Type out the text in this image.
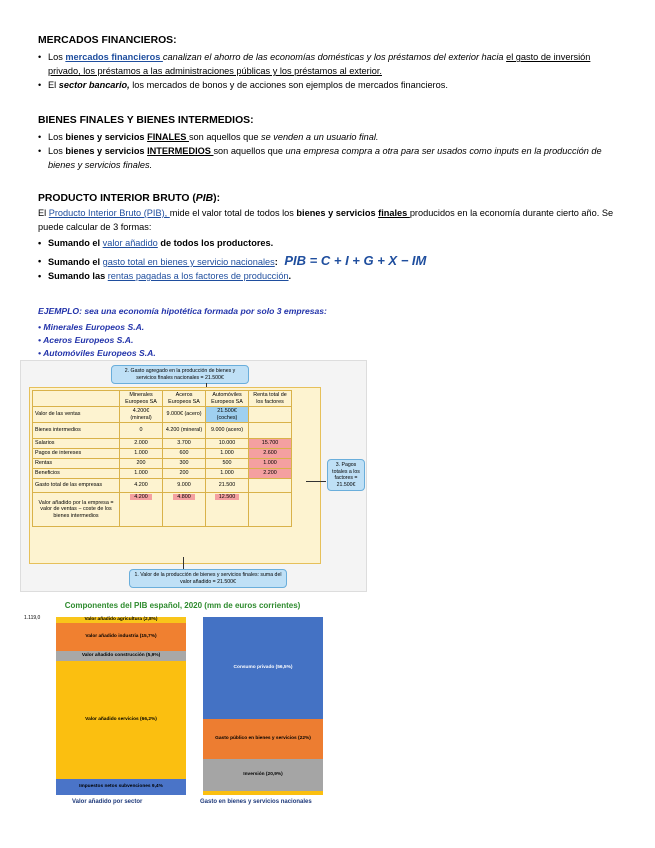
MERCADOS FINANCIEROS:
• Los mercados financieros canalizan el ahorro de las economías domésticas y los préstamos del exterior hacia el gasto de inversión privado, los préstamos a las administraciones públicas y los préstamos al exterior.
• El sector bancario, los mercados de bonos y de acciones son ejemplos de mercados financieros.
BIENES FINALES Y BIENES INTERMEDIOS:
• Los bienes y servicios FINALES son aquellos que se venden a un usuario final.
• Los bienes y servicios INTERMEDIOS son aquellos que una empresa compra a otra para ser usados como inputs en la producción de bienes y servicios finales.
PRODUCTO INTERIOR BRUTO (PIB):
El Producto Interior Bruto (PIB), mide el valor total de todos los bienes y servicios finales producidos en la economía durante cierto año. Se puede calcular de 3 formas:
• Sumando el valor añadido de todos los productores.
• Sumando el gasto total en bienes y servicio nacionales: PIB = C + I + G + X − IM
• Sumando las rentas pagadas a los factores de producción.
EJEMPLO: sea una economía hipotética formada por solo 3 empresas:
• Minerales Europeos S.A.
• Aceros Europeos S.A.
• Automóviles Europeos S.A.
2. Gasto agregado en la producción de bienes y servicios finales nacionales = 21.500€
	Minerales Europeos SA	Aceros Europeos SA	Automóviles Europeos SA	Renta total de los factores
Valor de las ventas	4.200€ (mineral)	9.000€ (acero)	21.500€ (coches)	
Bienes intermedios	0	4.200 (mineral)	9.000 (acero)	
Salarios	2.000	3.700	10.000	15.700
Pagos de intereses	1.000	600	1.000	2.600
Rentas	200	300	500	1.000
Beneficios	1.000	200	1.000	2.200
Gasto total de las empresas	4.200	9.000	21.500	
Valor añadido por la empresa = valor de ventas − coste de los bienes intermedios	4.200	4.800	12.500	
3. Pagos totales a los factores = 21.500€
1. Valor de la producción de bienes y servicios finales: suma del valor añadido = 21.500€
Componentes del PIB español, 2020 (mm de euros corrientes)
1.119,0	Valor añadido agricultura (2,8%)
Valor añadido industria (15,7%)
Valor añadido construcción (5,9%)
Valor añadido servicios (66,2%)
Impuestos netos subvenciones 9,4%
Consumo privado (56,5%)
Gasto público en bienes y servicios (22%)
Inversión (20,9%)
Valor añadido por sector	Gasto en bienes y servicios nacionales
